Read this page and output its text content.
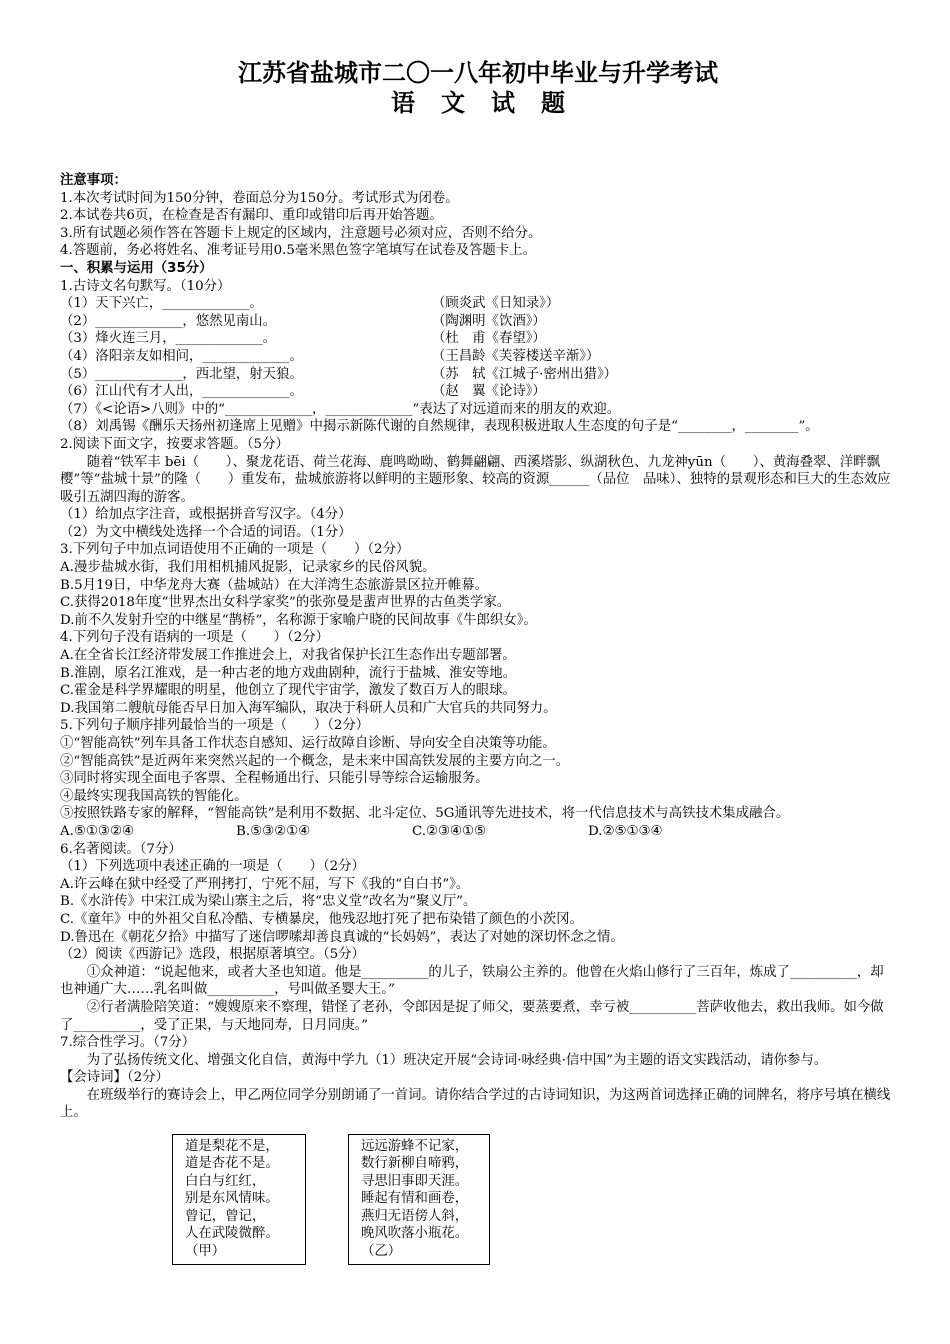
江苏省盐城市二〇一八年初中毕业与升学考试
语文试题
注意事项：
1.本次考试时间为150分钟，卷面总分为150分。考试形式为闭卷。
2.本试卷共6页，在检查是否有漏印、重印或错印后再开始答题。
3.所有试题必须作答在答题卡上规定的区域内，注意题号必须对应，否则不给分。
4.答题前，务必将姓名、准考证号用0.5毫米黑色签字笔填写在试卷及答题卡上。
一、积累与运用（35分）
1.古诗文名句默写。（10分）
（1）天下兴亡，_____________。	（顾炎武《日知录》）
（2）_____________，悠然见南山。	（陶渊明《饮酒》）
（3）烽火连三月，_____________。	（杜　甫《春望》）
（4）洛阳亲友如相问，_____________。	（王昌龄《芙蓉楼送辛渐》）
（5）_____________，西北望，射天狼。	（苏　轼《江城子·密州出猎》）
（6）江山代有才人出，_____________。	（赵　翼《论诗》）
（7）《<论语>八则》中的“_____________，_____________”表达了对远道而来的朋友的欢迎。
（8）刘禹锡《酬乐天扬州初逢席上见赠》中揭示新陈代谢的自然规律，表现积极进取人生态度的句子是“________，________”。
2.阅读下面文字，按要求答题。（5分）
随着“铁军丰 bēi（　　）、聚龙花语、荷兰花海、鹿鸣呦呦、鹤舞翩翩、西溪塔影、纵湖秋色、九龙神yūn（　　）、黄海叠翠、洋畔飘樱”等“盐城十景”的隆（　　）重发布，盐城旅游将以鲜明的主题形象、较高的资源______（品位　品味）、独特的景观形态和巨大的生态效应吸引五湖四海的游客。
（1）给加点字注音，或根据拼音写汉字。（4分）
（2）为文中横线处选择一个合适的词语。（1分）
3.下列句子中加点词语使用不正确的一项是（　　）（2分）
A.漫步盐城水街，我们用相机捕风捉影，记录家乡的民俗风貌。
B.5月19日，中华龙舟大赛（盐城站）在大洋湾生态旅游景区拉开帷幕。
C.获得2018年度“世界杰出女科学家奖”的张弥曼是蜚声世界的古鱼类学家。
D.前不久发射升空的中继星“鹊桥”，名称源于家喻户晓的民间故事《牛郎织女》。
4.下列句子没有语病的一项是（　　）（2分）
A.在全省长江经济带发展工作推进会上，对我省保护长江生态作出专题部署。
B.淮剧，原名江淮戏，是一种古老的地方戏曲剧种，流行于盐城、淮安等地。
C.霍金是科学界耀眼的明星，他创立了现代宇宙学，激发了数百万人的眼球。
D.我国第二艘航母能否早日加入海军编队，取决于科研人员和广大官兵的共同努力。
5.下列句子顺序排列最恰当的一项是（　　）（2分）
①“智能高铁”列车具备工作状态自感知、运行故障自诊断、导向安全自决策等功能。
②“智能高铁”是近两年来突然兴起的一个概念，是未来中国高铁发展的主要方向之一。
③同时将实现全面电子客票、全程畅通出行、只能引导等综合运输服务。
④最终实现我国高铁的智能化。
⑤按照铁路专家的解释，“智能高铁”是利用不数据、北斗定位、5G通讯等先进技术，将一代信息技术与高铁技术集成融合。
A.⑤①③②④	B.⑤③②①④	C.②③④①⑤	D.②⑤①③④
6.名著阅读。（7分）
（1）下列选项中表述正确的一项是（　　）（2分）
A.许云峰在狱中经受了严刑拷打，宁死不屈，写下《我的“自白书”》。
B.《水浒传》中宋江成为梁山寨主之后，将“忠义堂”改名为“聚义厅”。
C.《童年》中的外祖父自私冷酷、专横暴戾，他残忍地打死了把布染错了颜色的小茨冈。
D.鲁迅在《朝花夕拾》中描写了迷信啰嗦却善良真诚的“长妈妈”，表达了对她的深切怀念之情。
（2）阅读《西游记》选段，根据原著填空。（5分）
①众神道：“说起他来，或者大圣也知道。他是__________的儿子，铁扇公主养的。他曾在火焰山修行了三百年，炼成了__________，却也神通广大……乳名叫做__________，号叫做圣婴大王。”
②行者满脸陪笑道：“嫂嫂原来不察理，错怪了老孙，令郎因是捉了师父，要蒸要煮，幸亏被__________菩萨收他去，救出我师。如今做了__________，受了正果，与天地同寿，日月同庚。”
7.综合性学习。（7分）
为了弘扬传统文化、增强文化自信，黄海中学九（1）班决定开展“会诗词·咏经典·信中国”为主题的语文实践活动，请你参与。
【会诗词】（2分）
在班级举行的赛诗会上，甲乙两位同学分别朗诵了一首词。请你结合学过的古诗词知识，为这两首词选择正确的词牌名，将序号填在横线上。
道是梨花不是，
道是杏花不是。
白白与红红，
别是东风情味。
曾记，曾记，
人在武陵微醉。
（甲）
远远游蜂不记家，
数行新柳自啼鸦，
寻思旧事即天涯。
睡起有情和画卷，
燕归无语傍人斜，
晚风吹落小瓶花。
（乙）
